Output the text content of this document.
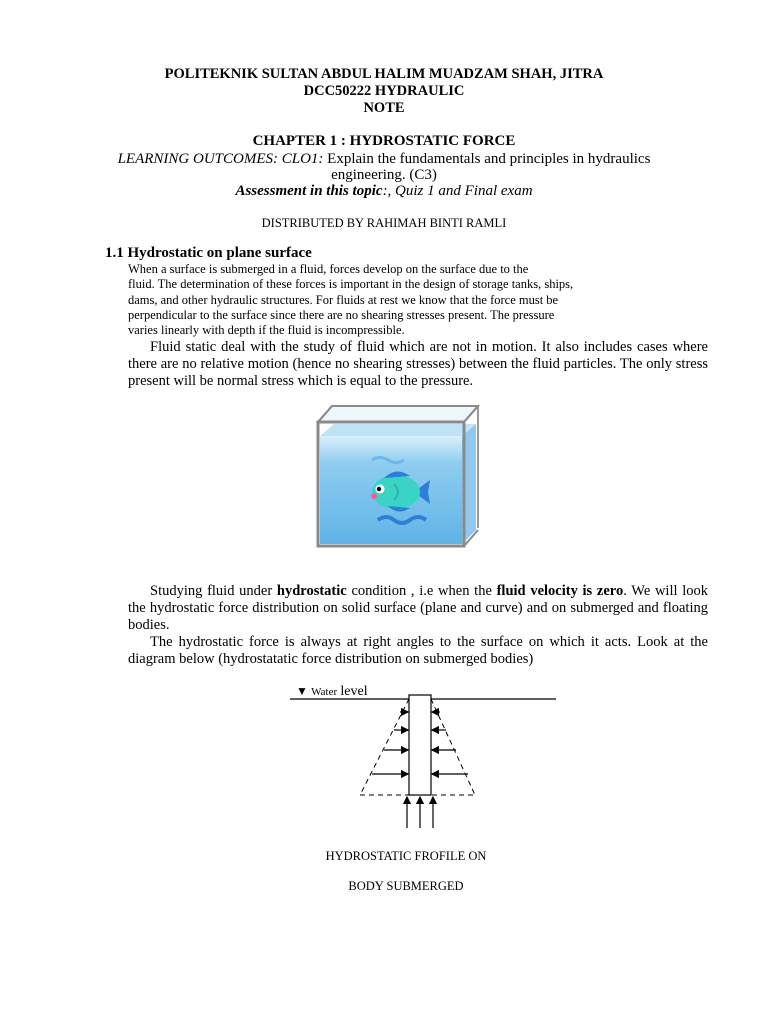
POLITEKNIK SULTAN ABDUL HALIM MUADZAM SHAH, JITRA
DCC50222 HYDRAULIC
NOTE
CHAPTER 1 : HYDROSTATIC FORCE
LEARNING OUTCOMES: CLO1: Explain the fundamentals and principles in hydraulics
engineering. (C3)
Assessment in this topic:, Quiz 1 and Final exam
DISTRIBUTED BY RAHIMAH BINTI RAMLI
1.1 Hydrostatic on plane surface
When a surface is submerged in a fluid, forces develop on the surface due to the
fluid. The determination of these forces is important in the design of storage tanks, ships,
dams, and other hydraulic structures. For fluids at rest we know that the force must be
perpendicular to the surface since there are no shearing stresses present. The pressure
varies linearly with depth if the fluid is incompressible.
Fluid static deal with the study of fluid which are not in motion. It also includes cases where there are no relative motion (hence no shearing stresses) between the fluid particles. The only stress present will be normal stress which is equal to the pressure.
Studying fluid under hydrostatic condition , i.e when the fluid velocity is zero. We will look the hydrostatic force distribution on solid surface (plane and curve) and on submerged and floating bodies.
The hydrostatic force is always at right angles to the surface on which it acts. Look at the diagram below (hydrostatatic force distribution on submerged bodies)
▼ Water level
HYDROSTATIC FROFILE ON
BODY SUBMERGED
